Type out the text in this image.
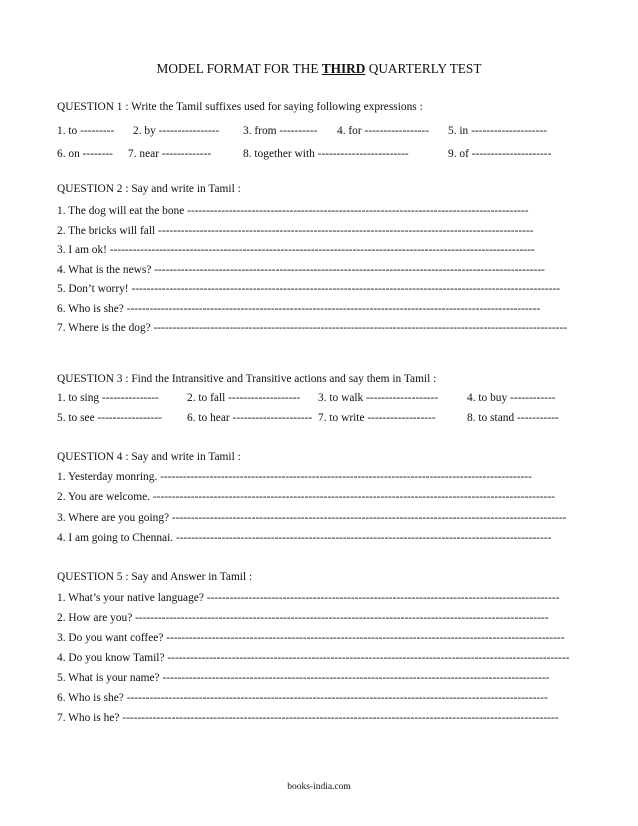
MODEL FORMAT FOR THE THIRD QUARTERLY TEST
QUESTION 1 : Write the Tamil suffixes used for saying following expressions :
1. to --------- 2. by ---------------- 3. from ---------- 4. for ----------------- 5. in --------------------
6. on -------- 7. near -------------	8. together with ------------------------	9. of ---------------------
QUESTION 2 : Say and write in Tamil :
1. The dog will eat the bone ------------------------------------------------------------------------------------------
2. The bricks will fall ---------------------------------------------------------------------------------------------------
3. I am ok! ----------------------------------------------------------------------------------------------------------------
4. What is the news? -------------------------------------------------------------------------------------------------------
5. Don’t worry! -----------------------------------------------------------------------------------------------------------------
6. Who is she? -------------------------------------------------------------------------------------------------------------
7. Where is the dog? -------------------------------------------------------------------------------------------------------------
QUESTION 3 : Find the Intransitive and Transitive actions and say them in Tamil :
1. to sing --------------- 2. to fall ------------------- 3. to walk -------------------	4. to buy ------------
5. to see ----------------- 6. to hear --------------------- 7. to write ------------------	8. to stand -----------
QUESTION 4 : Say and write in Tamil :
1. Yesterday monring. --------------------------------------------------------------------------------------------------
2. You are welcome. ----------------------------------------------------------------------------------------------------------
3. Where are you going? --------------------------------------------------------------------------------------------------------
4. I am going to Chennai. ---------------------------------------------------------------------------------------------------
QUESTION 5 : Say and Answer in Tamil :
1. What’s your native language? ---------------------------------------------------------------------------------------------
2. How are you? -------------------------------------------------------------------------------------------------------------
3. Do you want coffee? ---------------------------------------------------------------------------------------------------------
4. Do you know Tamil? ----------------------------------------------------------------------------------------------------------
5. What is your name? ------------------------------------------------------------------------------------------------------
6. Who is she? ---------------------------------------------------------------------------------------------------------------
7. Who is he? -------------------------------------------------------------------------------------------------------------------
books-india.com
